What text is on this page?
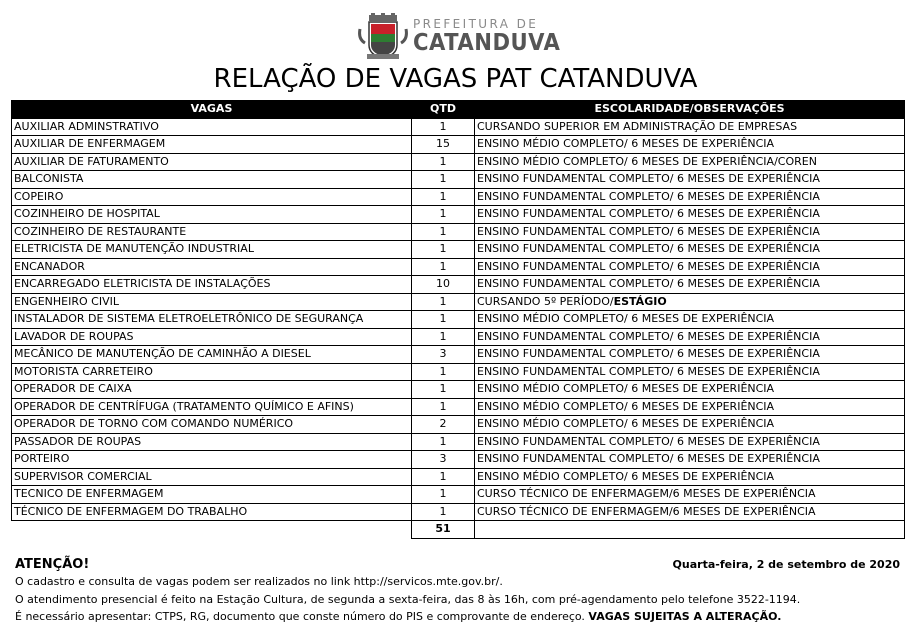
PREFEITURA DE
CATANDUVA
RELAÇÃO DE VAGAS PAT CATANDUVA
VAGAS	QTD	ESCOLARIDADE/OBSERVAÇÕES
AUXILIAR ADMINSTRATIVO	1	CURSANDO SUPERIOR EM ADMINISTRAÇÃO DE EMPRESAS
AUXILIAR DE ENFERMAGEM	15	ENSINO MÉDIO COMPLETO/ 6 MESES DE EXPERIÊNCIA
AUXILIAR DE FATURAMENTO	1	ENSINO MÉDIO COMPLETO/ 6 MESES DE EXPERIÊNCIA/COREN
BALCONISTA	1	ENSINO FUNDAMENTAL COMPLETO/ 6 MESES DE EXPERIÊNCIA
COPEIRO	1	ENSINO FUNDAMENTAL COMPLETO/ 6 MESES DE EXPERIÊNCIA
COZINHEIRO DE HOSPITAL	1	ENSINO FUNDAMENTAL COMPLETO/ 6 MESES DE EXPERIÊNCIA
COZINHEIRO DE RESTAURANTE	1	ENSINO FUNDAMENTAL COMPLETO/ 6 MESES DE EXPERIÊNCIA
ELETRICISTA DE MANUTENÇÃO INDUSTRIAL	1	ENSINO FUNDAMENTAL COMPLETO/ 6 MESES DE EXPERIÊNCIA
ENCANADOR	1	ENSINO FUNDAMENTAL COMPLETO/ 6 MESES DE EXPERIÊNCIA
ENCARREGADO ELETRICISTA DE INSTALAÇÕES	10	ENSINO FUNDAMENTAL COMPLETO/ 6 MESES DE EXPERIÊNCIA
ENGENHEIRO CIVIL	1	CURSANDO 5º PERÍODO/ESTÁGIO
INSTALADOR DE SISTEMA ELETROELETRÔNICO DE SEGURANÇA	1	ENSINO MÉDIO COMPLETO/ 6 MESES DE EXPERIÊNCIA
LAVADOR DE ROUPAS	1	ENSINO FUNDAMENTAL COMPLETO/ 6 MESES DE EXPERIÊNCIA
MECÂNICO DE MANUTENÇÃO DE CAMINHÃO A DIESEL	3	ENSINO FUNDAMENTAL COMPLETO/ 6 MESES DE EXPERIÊNCIA
MOTORISTA CARRETEIRO	1	ENSINO FUNDAMENTAL COMPLETO/ 6 MESES DE EXPERIÊNCIA
OPERADOR DE CAIXA	1	ENSINO MÉDIO COMPLETO/ 6 MESES DE EXPERIÊNCIA
OPERADOR DE CENTRÍFUGA (TRATAMENTO QUÍMICO E AFINS)	1	ENSINO MÉDIO COMPLETO/ 6 MESES DE EXPERIÊNCIA
OPERADOR DE TORNO COM COMANDO NUMÉRICO	2	ENSINO MÉDIO COMPLETO/ 6 MESES DE EXPERIÊNCIA
PASSADOR DE ROUPAS	1	ENSINO FUNDAMENTAL COMPLETO/ 6 MESES DE EXPERIÊNCIA
PORTEIRO	3	ENSINO FUNDAMENTAL COMPLETO/ 6 MESES DE EXPERIÊNCIA
SUPERVISOR COMERCIAL	1	ENSINO MÉDIO COMPLETO/ 6 MESES DE EXPERIÊNCIA
TECNICO DE ENFERMAGEM	1	CURSO TÉCNICO DE ENFERMAGEM/6 MESES DE EXPERIÊNCIA
TÉCNICO DE ENFERMAGEM DO TRABALHO	1	CURSO TÉCNICO DE ENFERMAGEM/6 MESES DE EXPERIÊNCIA
	51	
ATENÇÃO!	Quarta-feira, 2 de setembro de 2020
O cadastro e consulta de vagas podem ser realizados no link http://servicos.mte.gov.br/.
O atendimento presencial é feito na Estação Cultura, de segunda a sexta-feira, das 8 às 16h, com pré-agendamento pelo telefone 3522-1194.
É necessário apresentar: CTPS, RG, documento que conste número do PIS e comprovante de endereço. VAGAS SUJEITAS A ALTERAÇÃO.
